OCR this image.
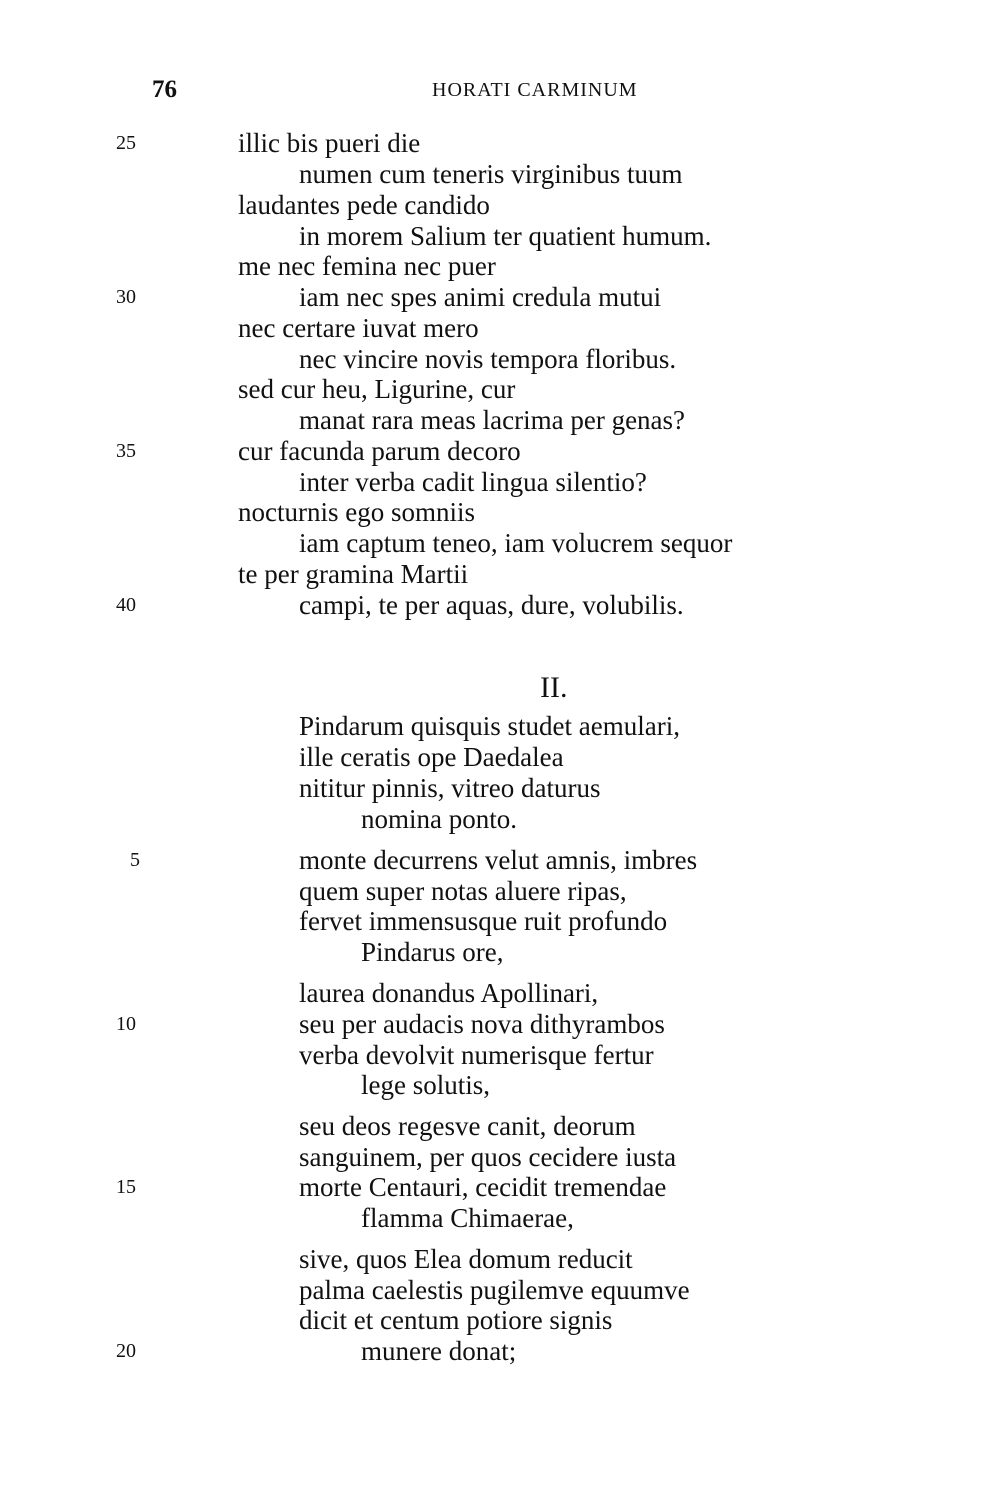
76	HORATI CARMINUM
25
30
35
40
illic bis pueri die
numen cum teneris virginibus tuum
laudantes pede candido
in morem Salium ter quatient humum.
me nec femina nec puer
iam nec spes animi credula mutui
nec certare iuvat mero
nec vincire novis tempora floribus.
sed cur heu, Ligurine, cur
manat rara meas lacrima per genas?
cur facunda parum decoro
inter verba cadit lingua silentio?
nocturnis ego somniis
iam captum teneo, iam volucrem sequor
te per gramina Martii
campi, te per aquas, dure, volubilis.
II.
5
10
15
20
Pindarum quisquis studet aemulari,
ille ceratis ope Daedalea
nititur pinnis, vitreo daturus
nomina ponto.
monte decurrens velut amnis, imbres
quem super notas aluere ripas,
fervet immensusque ruit profundo
Pindarus ore,
laurea donandus Apollinari,
seu per audacis nova dithyrambos
verba devolvit numerisque fertur
lege solutis,
seu deos regesve canit, deorum
sanguinem, per quos cecidere iusta
morte Centauri, cecidit tremendae
flamma Chimaerae,
sive, quos Elea domum reducit
palma caelestis pugilemve equumve
dicit et centum potiore signis
munere donat;
